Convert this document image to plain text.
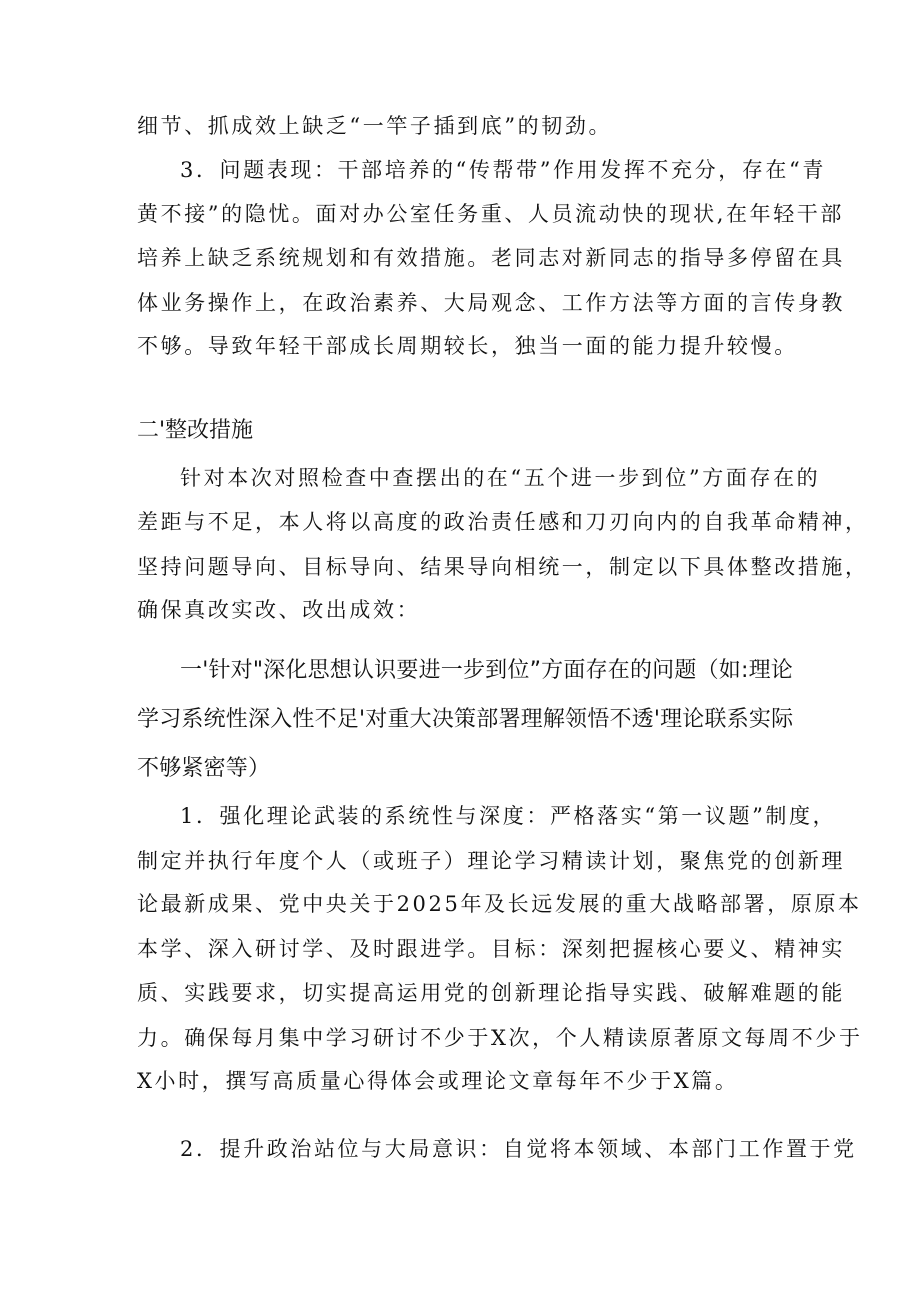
细节、抓成效上缺乏“一竿子插到底”的韧劲。
3．问题表现：干部培养的“传帮带”作用发挥不充分，存在“青
黄不接”的隐忧。面对办公室任务重、人员流动快的现状,在年轻干部
培养上缺乏系统规划和有效措施。老同志对新同志的指导多停留在具
体业务操作上，在政治素养、大局观念、工作方法等方面的言传身教
不够。导致年轻干部成长周期较长，独当一面的能力提升较慢。
二'整改措施
针对本次对照检查中查摆出的在“五个进一步到位”方面存在的
差距与不足，本人将以高度的政治责任感和刀刃向内的自我革命精神，
坚持问题导向、目标导向、结果导向相统一，制定以下具体整改措施，
确保真改实改、改出成效：
一'针对"深化思想认识要进一步到位”方面存在的问题（如:理论
学习系统性深入性不足'对重大决策部署理解领悟不透'理论联系实际
不够紧密等）
1．强化理论武装的系统性与深度：严格落实“第一议题”制度，
制定并执行年度个人（或班子）理论学习精读计划，聚焦党的创新理
论最新成果、党中央关于2025年及长远发展的重大战略部署，原原本
本学、深入研讨学、及时跟进学。目标：深刻把握核心要义、精神实
质、实践要求，切实提高运用党的创新理论指导实践、破解难题的能
力。确保每月集中学习研讨不少于X次，个人精读原著原文每周不少于
X小时，撰写高质量心得体会或理论文章每年不少于X篇。
2．提升政治站位与大局意识：自觉将本领域、本部门工作置于党
